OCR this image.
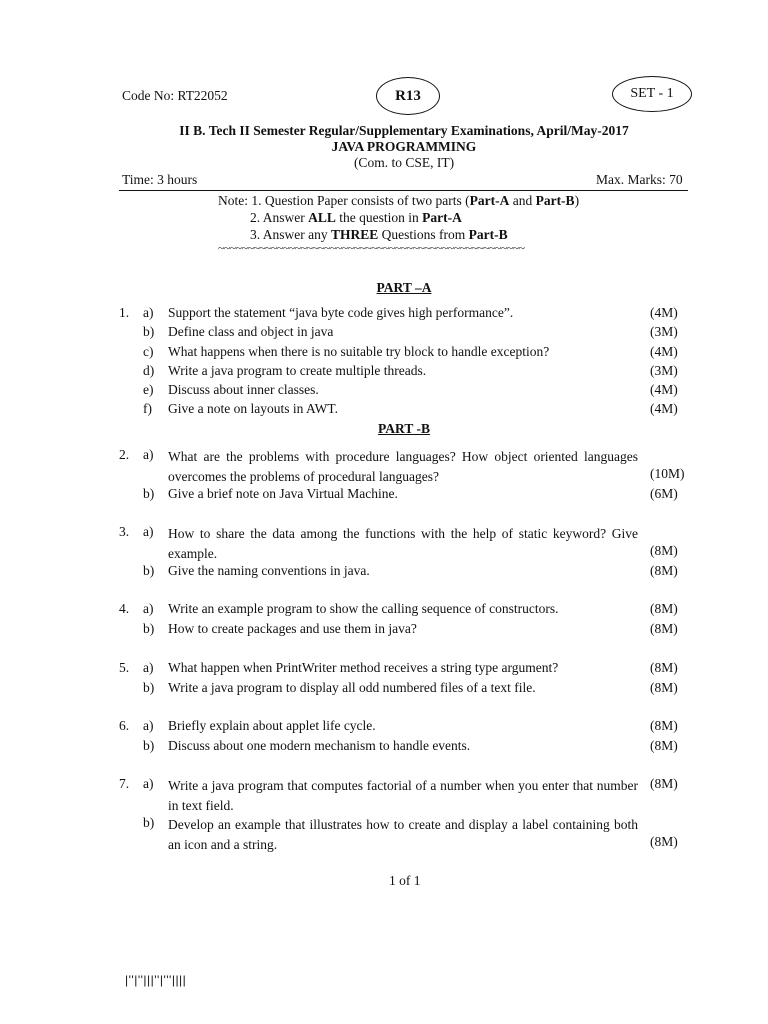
Code No: RT22052	R13	SET - 1
II B. Tech II Semester Regular/Supplementary Examinations, April/May-2017
JAVA PROGRAMMING
(Com. to CSE, IT)
Time: 3 hours	Max. Marks: 70
Note: 1. Question Paper consists of two parts (Part-A and Part-B)
2. Answer ALL the question in Part-A
3. Answer any THREE Questions from Part-B
~~~~~~~~~~~~~~~~~~~~~~~~~~~~~~~~~~~~~~~~~~~~~~~~~~~~
PART –A
1. a) Support the statement “java byte code gives high performance”.	(4M)
b) Define class and object in java	(3M)
c) What happens when there is no suitable try block to handle exception?	(4M)
d) Write a java program to create multiple threads.	(3M)
e) Discuss about inner classes.	(4M)
f) Give a note on layouts in AWT.	(4M)
PART -B
2. a) What are the problems with procedure languages? How object oriented languages overcomes the problems of procedural languages?	(10M)
b) Give a brief note on Java Virtual Machine.	(6M)
3. a) How to share the data among the functions with the help of static keyword? Give example.	(8M)
b) Give the naming conventions in java.	(8M)
4. a) Write an example program to show the calling sequence of constructors.	(8M)
b) How to create packages and use them in java?	(8M)
5. a) What happen when PrintWriter method receives a string type argument?	(8M)
b) Write a java program to display all odd numbered files of a text file.	(8M)
6. a) Briefly explain about applet life cycle.	(8M)
b) Discuss about one modern mechanism to handle events.	(8M)
7. a) Write a java program that computes factorial of a number when you enter that number in text field.
(8M)
b) Develop an example that illustrates how to create and display a label containing both an icon and a string.	(8M)
1 of 1
|''|''|||''|'''||||
